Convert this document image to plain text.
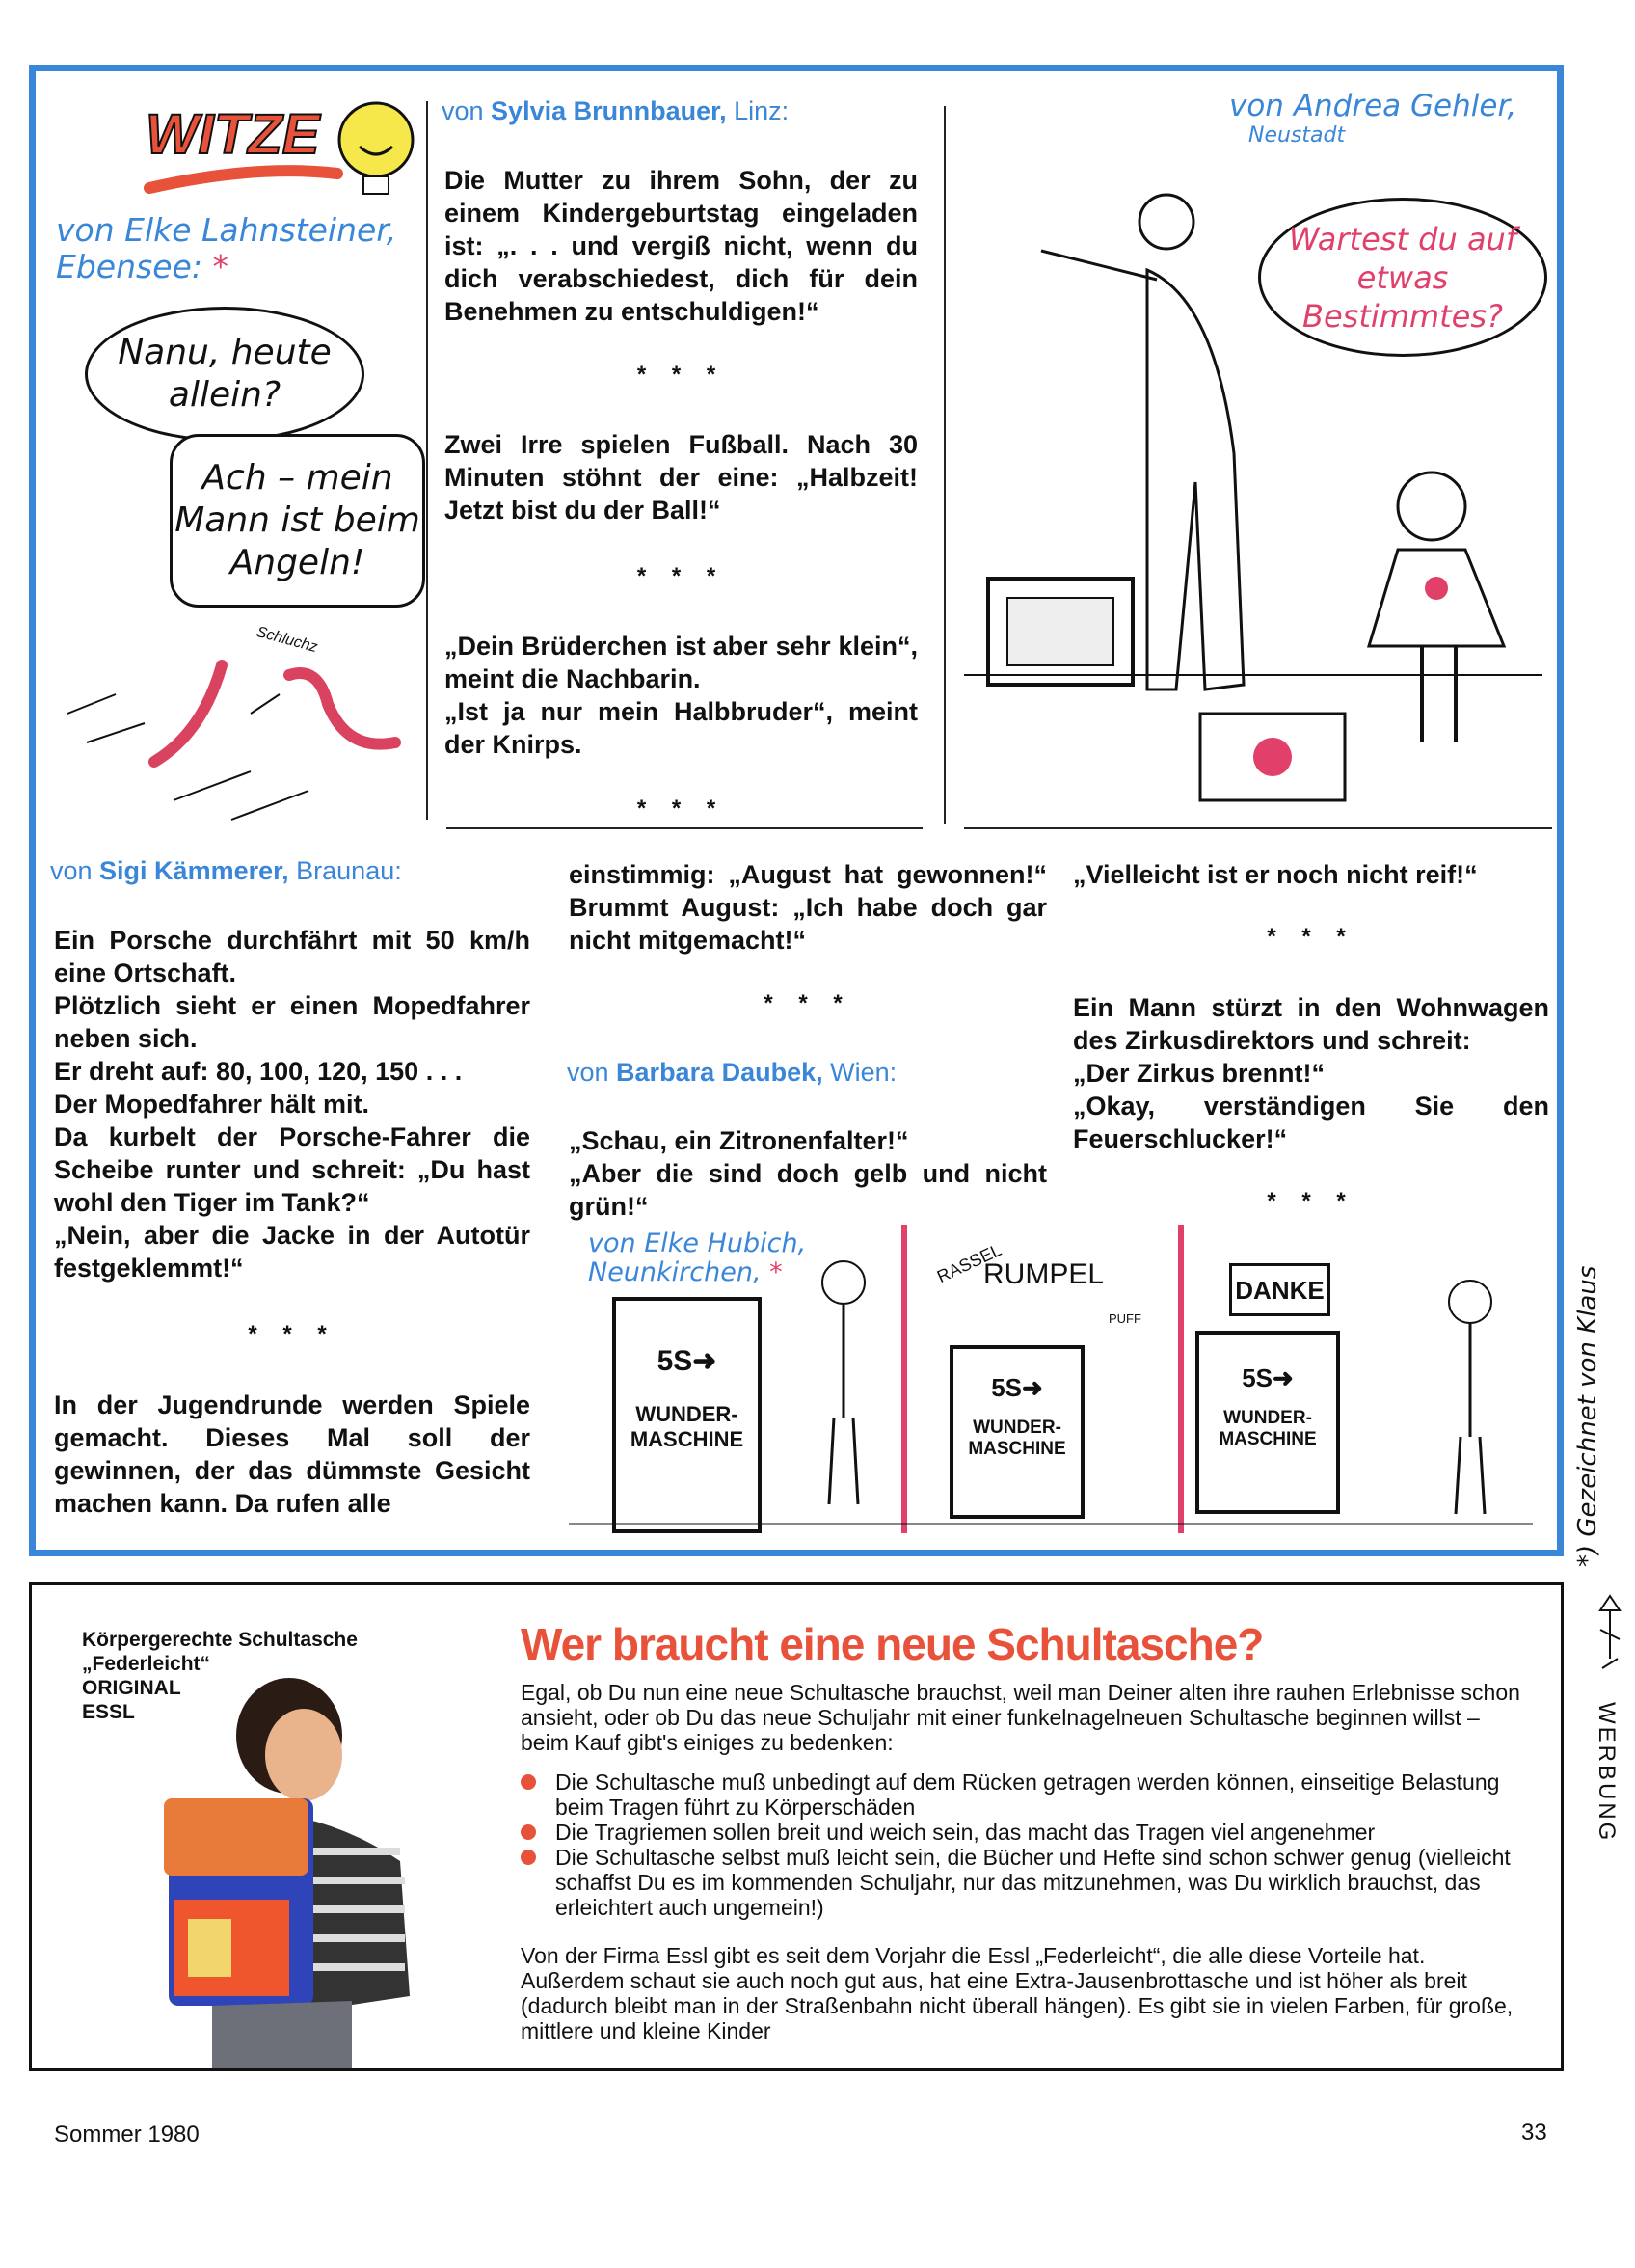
WITZE
von Elke Lahnsteiner,
Ebensee: *
Nanu, heute allein?
Ach – mein Mann ist beim Angeln!
Schluchz
von Sylvia Brunnbauer, Linz:
Die Mutter zu ihrem Sohn, der zu einem Kindergeburtstag eingeladen ist: „. . . und vergiß nicht, wenn du dich verabschiedest, dich für dein Benehmen zu entschuldigen!“
* * *
Zwei Irre spielen Fußball. Nach 30 Minuten stöhnt der eine: „Halbzeit! Jetzt bist du der Ball!“
* * *

„Dein Brüderchen ist aber sehr klein“, meint die Nachbarin.

„Ist ja nur mein Halbbruder“, meint der Knirps.

* * *
von Andrea Gehler,
Neustadt
Wartest du auf etwas Bestimmtes?
von Sigi Kämmerer, Braunau:

Ein Porsche durchfährt mit 50 km/h eine Ortschaft.

Plötzlich sieht er einen Mopedfahrer neben sich.

Er dreht auf: 80, 100, 120, 150 . . .

Der Mopedfahrer hält mit.

Da kurbelt der Porsche-Fahrer die Scheibe runter und schreit: „Du hast wohl den Tiger im Tank?“

„Nein, aber die Jacke in der Autotür festgeklemmt!“

* * *
In der Jugendrunde werden Spiele gemacht. Dieses Mal soll der gewinnen, der das dümmste Gesicht machen kann. Da rufen alle
einstimmig: „August hat gewonnen!“ Brummt August: „Ich habe doch gar nicht mitgemacht!“
* * *
von Barbara Daubek, Wien:

„Schau, ein Zitronenfalter!“

„Aber die sind doch gelb und nicht grün!“

„Vielleicht ist er noch nicht reif!“
* * *

Ein Mann stürzt in den Wohnwagen des Zirkusdirektors und schreit:

„Der Zirkus brennt!“

„Okay, verständigen Sie den Feuerschlucker!“

* * *
von Elke Hubich,
Neunkirchen, *
5S➜
WUNDER-MASCHINE
5S➜
WUNDER-MASCHINE
RASSEL
RUMPEL
PUFF
5S➜
WUNDER-MASCHINE
DANKE	*) Gezeichnet von Klaus
WERBUNG
Körpergerechte Schultasche
„Federleicht“
ORIGINAL
ESSL
Wer braucht eine neue Schultasche?
Egal, ob Du nun eine neue Schultasche brauchst, weil man Deiner alten ihre rauhen Erlebnisse schon ansieht, oder ob Du das neue Schuljahr mit einer funkelnagelneuen Schultasche beginnen willst – beim Kauf gibt's einiges zu bedenken:
Die Schultasche muß unbedingt auf dem Rücken getragen werden können, einseitige Belastung beim Tragen führt zu Körperschäden
Die Tragriemen sollen breit und weich sein, das macht das Tragen viel angenehmer
Die Schultasche selbst muß leicht sein, die Bücher und Hefte sind schon schwer genug (vielleicht schaffst Du es im kommenden Schuljahr, nur das mitzunehmen, was Du wirklich brauchst, das erleichtert auch ungemein!)
Von der Firma Essl gibt es seit dem Vorjahr die Essl „Federleicht“, die alle diese Vorteile hat. Außerdem schaut sie auch noch gut aus, hat eine Extra-Jausenbrottasche und ist höher als breit (dadurch bleibt man in der Straßenbahn nicht überall hängen). Es gibt sie in vielen Farben, für große, mittlere und kleine Kinder
Sommer 1980	33
